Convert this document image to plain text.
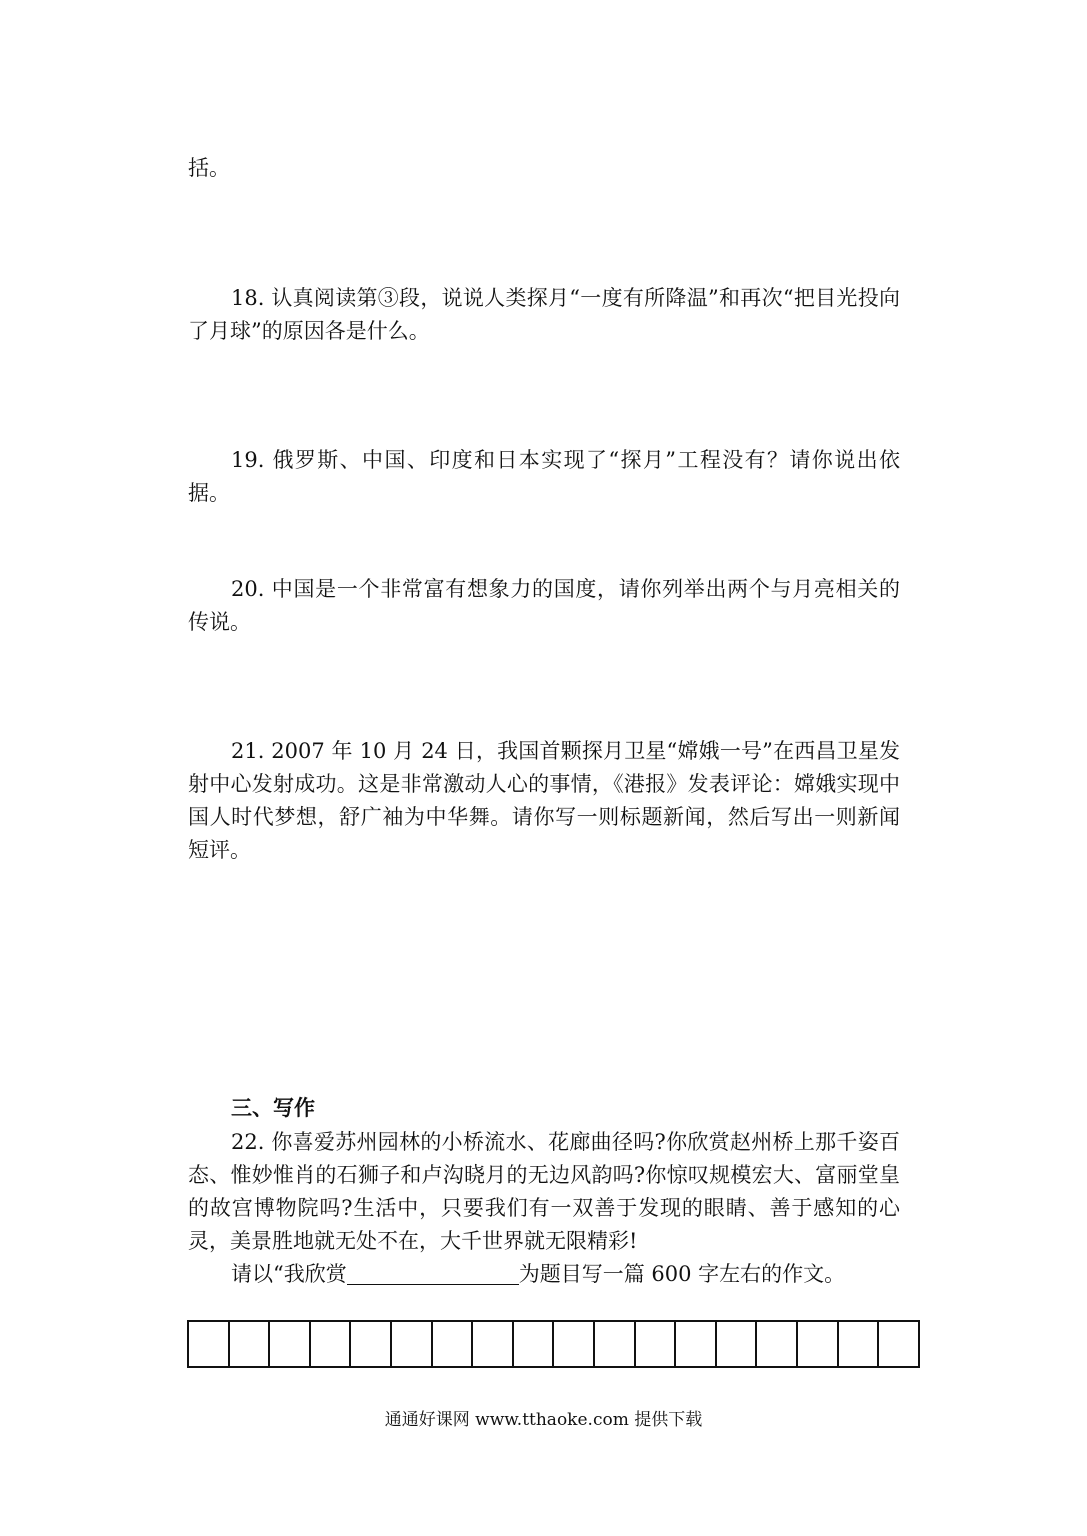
括。

18. 认真阅读第③段，说说人类探月“一度有所降温”和再次“把目光投向了月球”的原因各是什么。

19. 俄罗斯、中国、印度和日本实现了“探月”工程没有？请你说出依据。

20. 中国是一个非常富有想象力的国度，请你列举出两个与月亮相关的传说。

21. 2007 年 10 月 24 日，我国首颗探月卫星“嫦娥一号”在西昌卫星发射中心发射成功。这是非常激动人心的事情，《港报》发表评论：嫦娥实现中国人时代梦想，舒广袖为中华舞。请你写一则标题新闻，然后写出一则新闻短评。

三、写作

22. 你喜爱苏州园林的小桥流水、花廊曲径吗?你欣赏赵州桥上那千姿百态、惟妙惟肖的石狮子和卢沟晓月的无边风韵吗?你惊叹规模宏大、富丽堂皇的故宫博物院吗?生活中，只要我们有一双善于发现的眼睛、善于感知的心灵，美景胜地就无处不在，大千世界就无限精彩!

请以“我欣赏	为题目写一篇 600 字左右的作文。
通通好课网 www.tthaoke.com 提供下载
